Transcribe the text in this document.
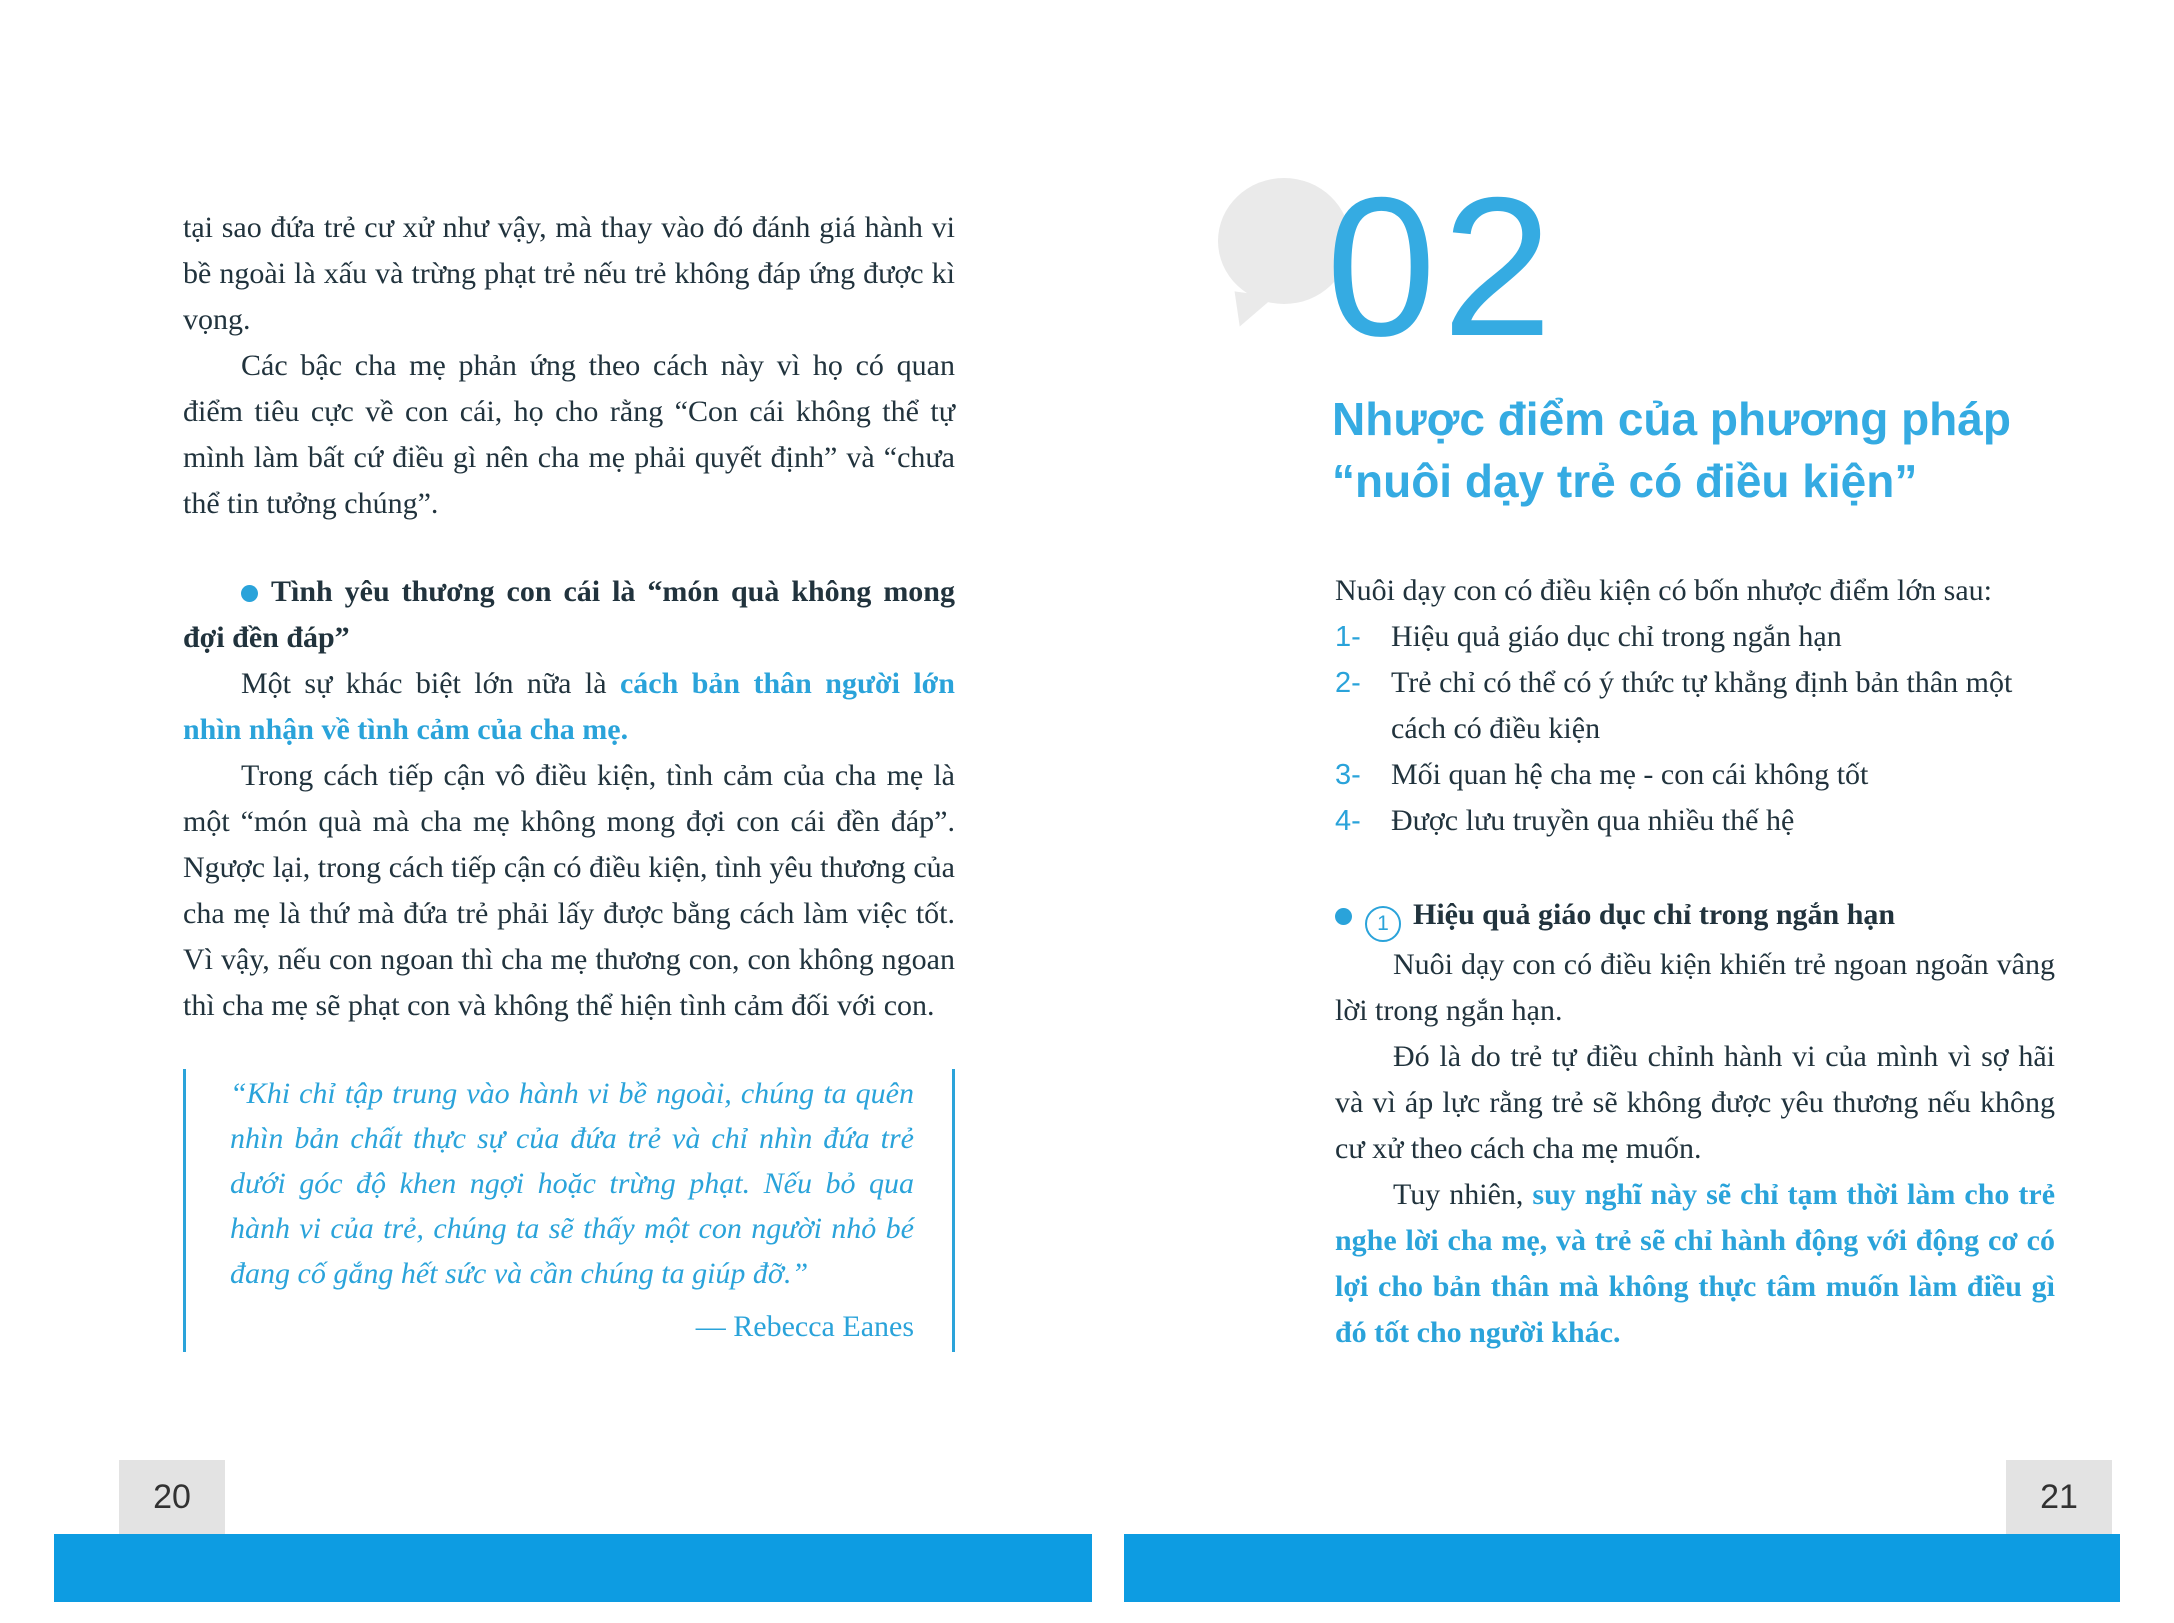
tại sao đứa trẻ cư xử như vậy, mà thay vào đó đánh giá hành vi bề ngoài là xấu và trừng phạt trẻ nếu trẻ không đáp ứng được kì vọng.

Các bậc cha mẹ phản ứng theo cách này vì họ có quan điểm tiêu cực về con cái, họ cho rằng “Con cái không thể tự mình làm bất cứ điều gì nên cha mẹ phải quyết định” và “chưa thể tin tưởng chúng”.

Tình yêu thương con cái là “món quà không mong đợi đền đáp”

Một sự khác biệt lớn nữa là cách bản thân người lớn nhìn nhận về tình cảm của cha mẹ.

Trong cách tiếp cận vô điều kiện, tình cảm của cha mẹ là một “món quà mà cha mẹ không mong đợi con cái đền đáp”. Ngược lại, trong cách tiếp cận có điều kiện, tình yêu thương của cha mẹ là thứ mà đứa trẻ phải lấy được bằng cách làm việc tốt. Vì vậy, nếu con ngoan thì cha mẹ thương con, con không ngoan thì cha mẹ sẽ phạt con và không thể hiện tình cảm đối với con.

“Khi chỉ tập trung vào hành vi bề ngoài, chúng ta quên nhìn bản chất thực sự của đứa trẻ và chỉ nhìn đứa trẻ dưới góc độ khen ngợi hoặc trừng phạt. Nếu bỏ qua hành vi của trẻ, chúng ta sẽ thấy một con người nhỏ bé đang cố gắng hết sức và cần chúng ta giúp đỡ.”
— Rebecca Eanes
02
Nhược điểm của phương pháp
“nuôi dạy trẻ có điều kiện”

Nuôi dạy con có điều kiện có bốn nhược điểm lớn sau:

1-	Hiệu quả giáo dục chỉ trong ngắn hạn
2-	Trẻ chỉ có thể có ý thức tự khẳng định bản thân một cách có điều kiện
3-	Mối quan hệ cha mẹ - con cái không tốt
4-	Được lưu truyền qua nhiều thế hệ
1 Hiệu quả giáo dục chỉ trong ngắn hạn

Nuôi dạy con có điều kiện khiến trẻ ngoan ngoãn vâng lời trong ngắn hạn.

Đó là do trẻ tự điều chỉnh hành vi của mình vì sợ hãi và vì áp lực rằng trẻ sẽ không được yêu thương nếu không cư xử theo cách cha mẹ muốn.

Tuy nhiên, suy nghĩ này sẽ chỉ tạm thời làm cho trẻ nghe lời cha mẹ, và trẻ sẽ chỉ hành động với động cơ có lợi cho bản thân mà không thực tâm muốn làm điều gì đó tốt cho người khác.

20	21
